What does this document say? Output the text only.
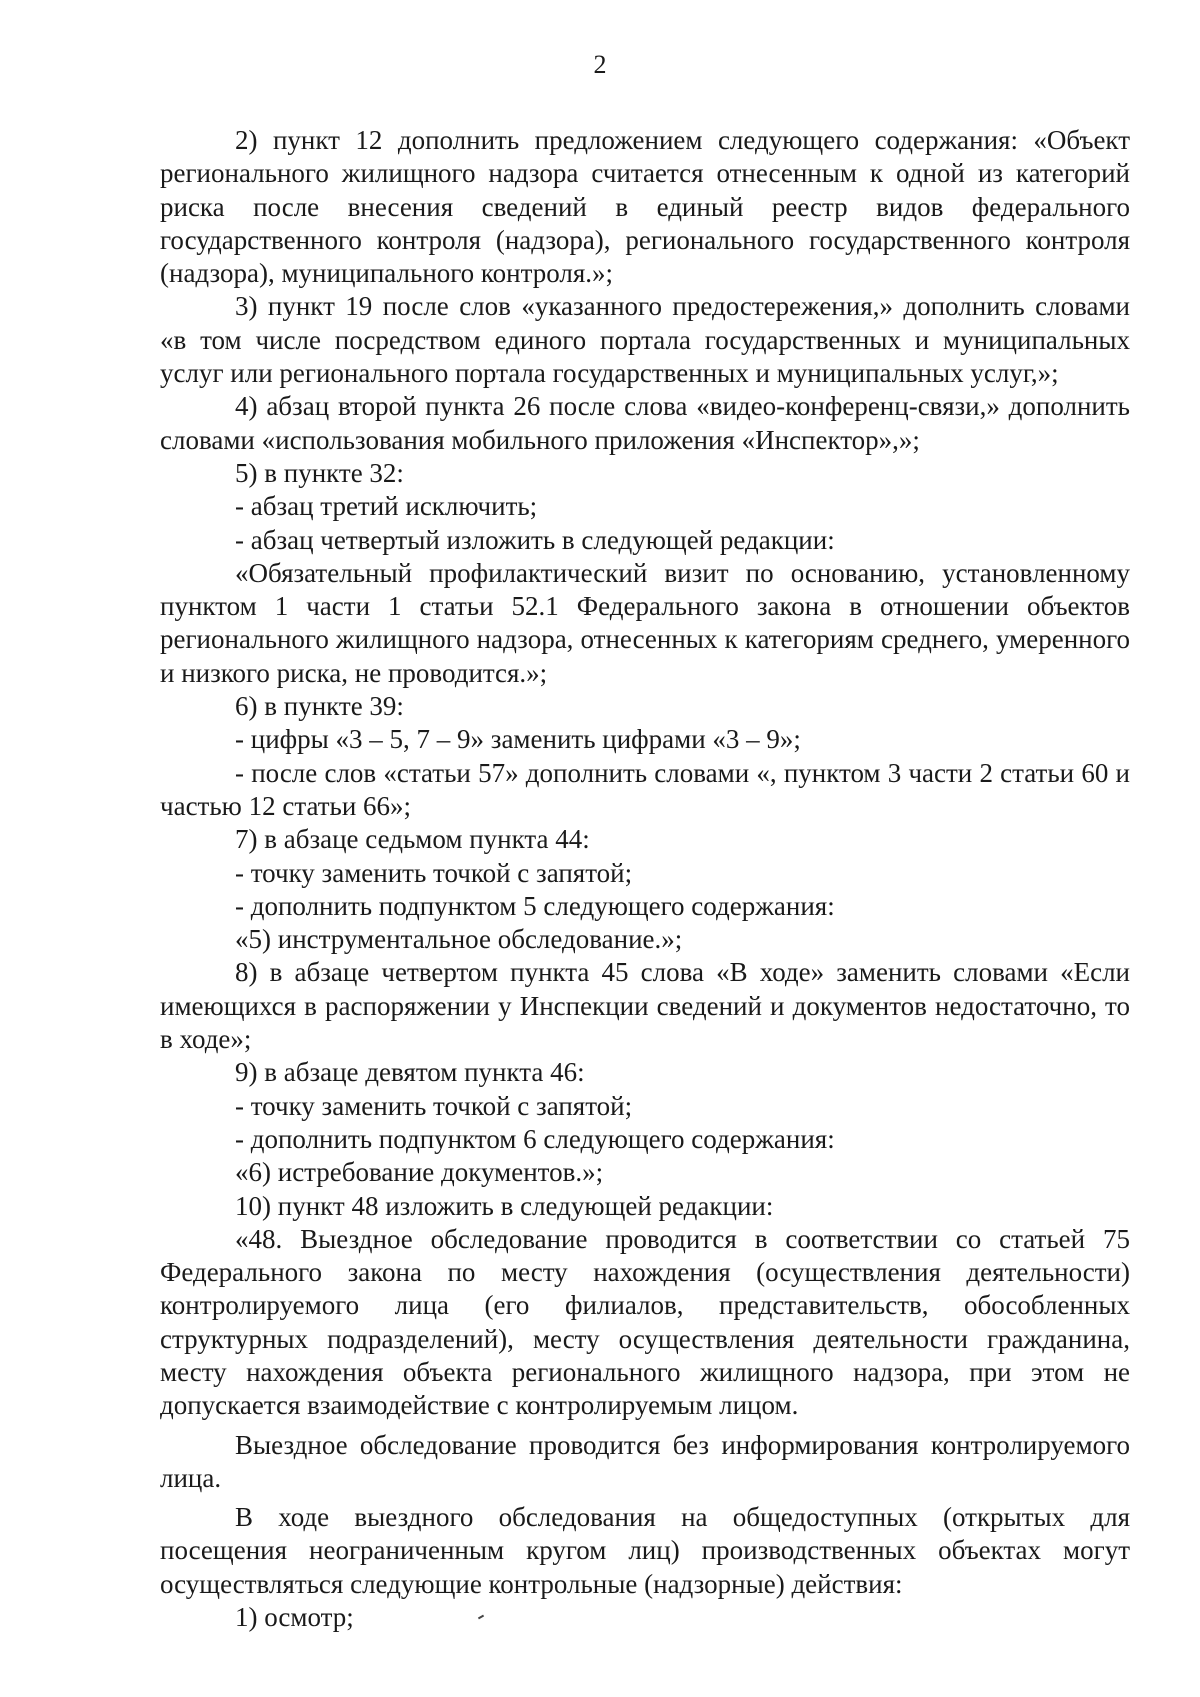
2

2) пункт 12 дополнить предложением следующего содержания: «Объект регионального жилищного надзора считается отнесенным к одной из категорий риска после внесения сведений в единый реестр видов федерального государственного контроля (надзора), регионального государственного контроля (надзора), муниципального контроля.»;

3) пункт 19 после слов «указанного предостережения,» дополнить словами «в том числе посредством единого портала государственных и муниципальных услуг или регионального портала государственных и муниципальных услуг,»;

4) абзац второй пункта 26 после слова «видео-конференц-связи,» дополнить словами «использования мобильного приложения «Инспектор»,»;

5) в пункте 32:

- абзац третий исключить;

- абзац четвертый изложить в следующей редакции:

«Обязательный профилактический визит по основанию, установленному пунктом 1 части 1 статьи 52.1 Федерального закона в отношении объектов регионального жилищного надзора, отнесенных к категориям среднего, умеренного и низкого риска, не проводится.»;

6) в пункте 39:

- цифры «3 – 5, 7 – 9» заменить цифрами «3 – 9»;

- после слов «статьи 57» дополнить словами «, пунктом 3 части 2 статьи 60 и частью 12 статьи 66»;

7) в абзаце седьмом пункта 44:

- точку заменить точкой с запятой;

- дополнить подпунктом 5 следующего содержания:

«5) инструментальное обследование.»;

8) в абзаце четвертом пункта 45 слова «В ходе» заменить словами «Если имеющихся в распоряжении у Инспекции сведений и документов недостаточно, то в ходе»;

9) в абзаце девятом пункта 46:

- точку заменить точкой с запятой;

- дополнить подпунктом 6 следующего содержания:

«6) истребование документов.»;

10) пункт 48 изложить в следующей редакции:

«48. Выездное обследование проводится в соответствии со статьей 75 Федерального закона по месту нахождения (осуществления деятельности) контролируемого лица (его филиалов, представительств, обособленных структурных подразделений), месту осуществления деятельности гражданина, месту нахождения объекта регионального жилищного надзора, при этом не допускается взаимодействие с контролируемым лицом.

Выездное обследование проводится без информирования контролируемого лица.

В ходе выездного обследования на общедоступных (открытых для посещения неограниченным кругом лиц) производственных объектах могут осуществляться следующие контрольные (надзорные) действия:

1) осмотр;
